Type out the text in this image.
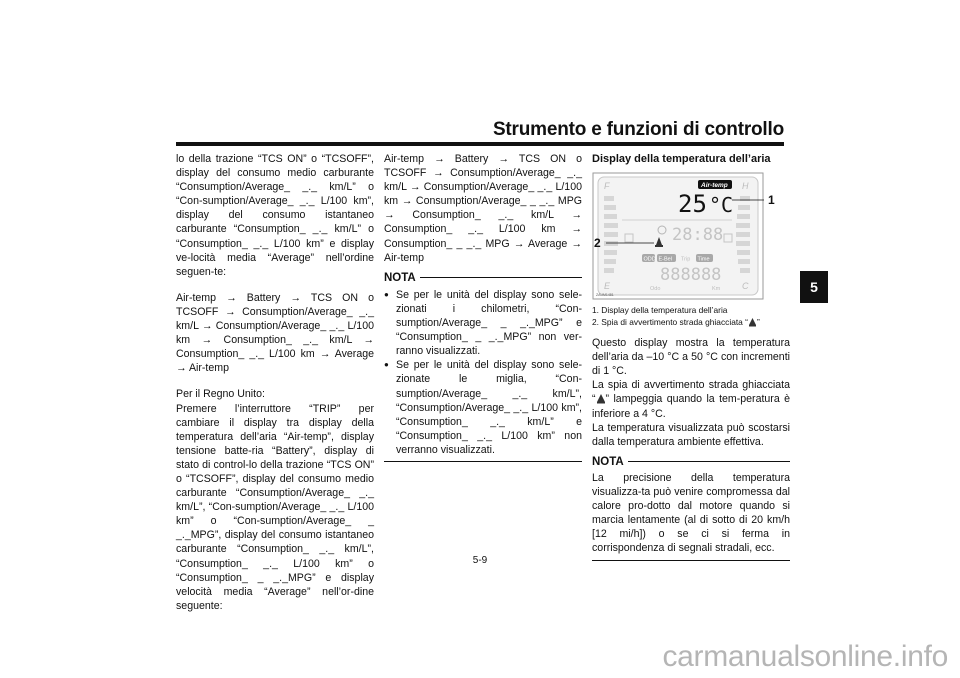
Strumento e funzioni di controllo
5

lo della trazione “TCS ON” o “TCSOFF”, display del consumo medio carburante “Consumption/Average_ _._ km/L” o “Con-sumption/Average_ _._ L/100 km”, display del consumo istantaneo carburante “Consumption_ _._ km/L” o “Consumption_ _._ L/100 km” e display ve-locità media “Average” nell’ordine seguen-te:

Air-temp → Battery → TCS ON o TCSOFF → Consumption/Average_ _._ km/L → Consumption/Average_ _._ L/100 km → Consumption_ _._ km/L → Consumption_ _._ L/100 km → Average → Air-temp

Per il Regno Unito:
Premere l’interruttore “TRIP” per cambiare il display tra display della temperatura dell’aria “Air-temp”, display tensione batte-ria “Battery”, display di stato di control-lo della trazione “TCS ON” o “TCSOFF”, display del consumo medio carburante “Consumption/Average_ _._ km/L”, “Con-sumption/Average_ _._ L/100 km” o “Con-sumption/Average_ _ _._MPG”, display del consumo istantaneo carburante “Consumption_ _._ km/L”, “Consumption_ _._ L/100 km” o “Consumption_ _ _._MPG” e display velocità media “Average” nell’or-dine seguente:

Air-temp → Battery → TCS ON o TCSOFF → Consumption/Average_ _._ km/L → Consumption/Average_ _._ L/100 km → Consumption/Average_ _ _._ MPG → Consumption_ _._ km/L → Consumption_ _._ L/100 km → Consumption_ _ _._ MPG → Average → Air-temp

NOTA
● Se per le unità del display sono sele-zionati i chilometri, “Con-sumption/Average_ _ _._MPG” e “Consumption_ _ _._MPG” non ver-ranno visualizzati.
● Se per le unità del display sono sele-zionate le miglia, “Con-sumption/Average_ _._ km/L”, “Consumption/Average_ _._ L/100 km”, “Consumption_ _._ km/L” e “Consumption_ _._ L/100 km” non verranno visualizzati.
Display della temperatura dell’aria
F
E
H
C
Air-temp
25 °C	1
2	28:88
ODD E-Bel Trip Time
888888
Odo	Km
ZAUM1481
1. Display della temperatura dell’aria
2. Spia di avvertimento strada ghiacciata “ ”

Questo display mostra la temperatura dell’aria da –10 °C a 50 °C con incrementi di 1 °C.

La spia di avvertimento strada ghiacciata “ ” lampeggia quando la tem-peratura è inferiore a 4 °C.

La temperatura visualizzata può scostarsi dalla temperatura ambiente effettiva.

NOTA

La precisione della temperatura visualizza-ta può venire compromessa dal calore pro-dotto dal motore quando si marcia lentamente (al di sotto di 20 km/h [12 mi/h]) o se ci si ferma in corrispondenza di segnali stradali, ecc.

5-9
carmanualsonline.info
